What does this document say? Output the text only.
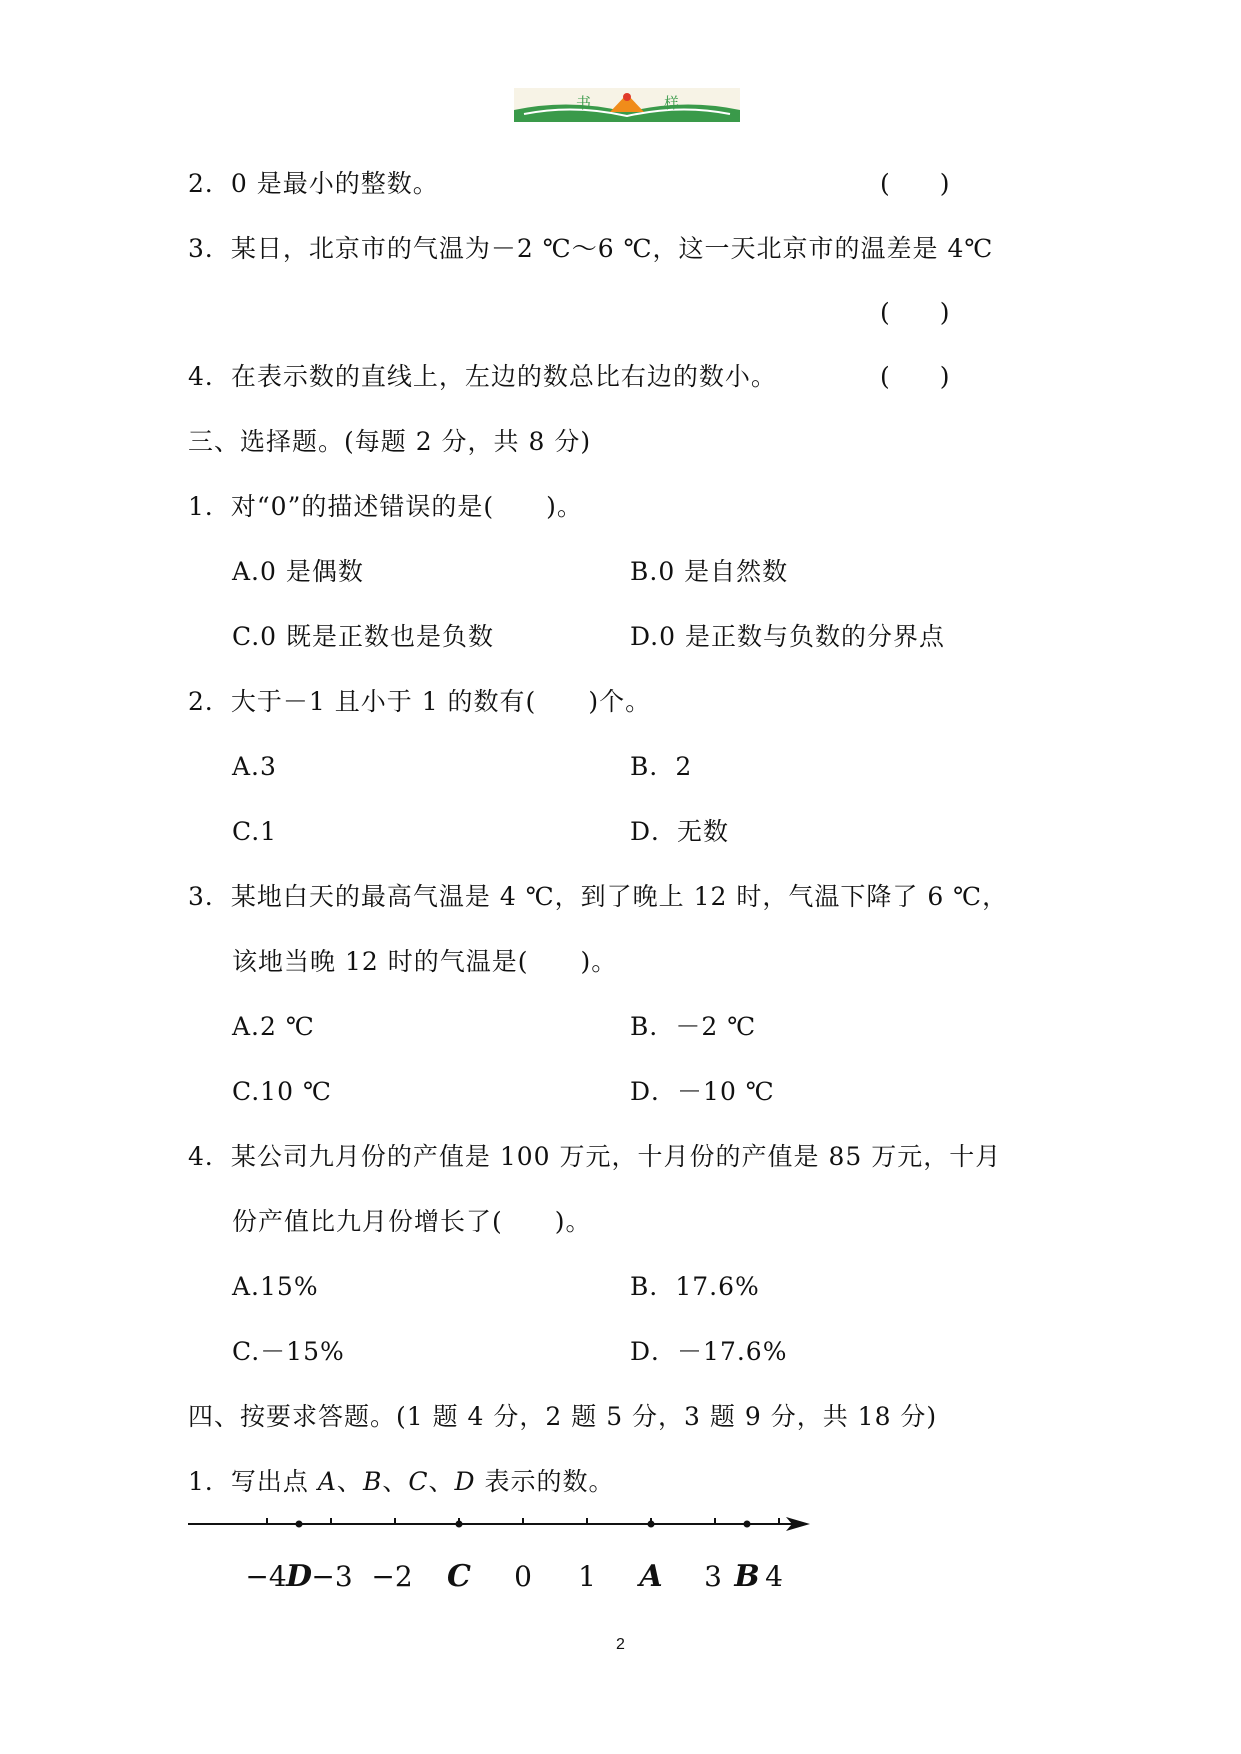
书	样
2．0 是最小的整数。	(　　)
3．某日，北京市的气温为－2 ℃～6 ℃，这一天北京市的温差是 4℃
(　　)
4．在表示数的直线上，左边的数总比右边的数小。	(　　)
三、选择题。(每题 2 分，共 8 分)
1．对“0”的描述错误的是(　　)。
A.0 是偶数	B.0 是自然数
C.0 既是正数也是负数	D.0 是正数与负数的分界点
2．大于－1 且小于 1 的数有(　　)个。
A.3	B．2
C.1	D．无数
3．某地白天的最高气温是 4 ℃，到了晚上 12 时，气温下降了 6 ℃，
该地当晚 12 时的气温是(　　)。
A.2 ℃	B．－2 ℃
C.10 ℃	D．－10 ℃
4．某公司九月份的产值是 100 万元，十月份的产值是 85 万元，十月
份产值比九月份增长了(　　)。
A.15%	B．17.6%
C.－15%	D．－17.6%
四、按要求答题。(1 题 4 分，2 题 5 分，3 题 9 分，共 18 分)
1．写出点 A、B、C、D 表示的数。
−4 −3 −2	0 1	3 4
D	C	A B
2
